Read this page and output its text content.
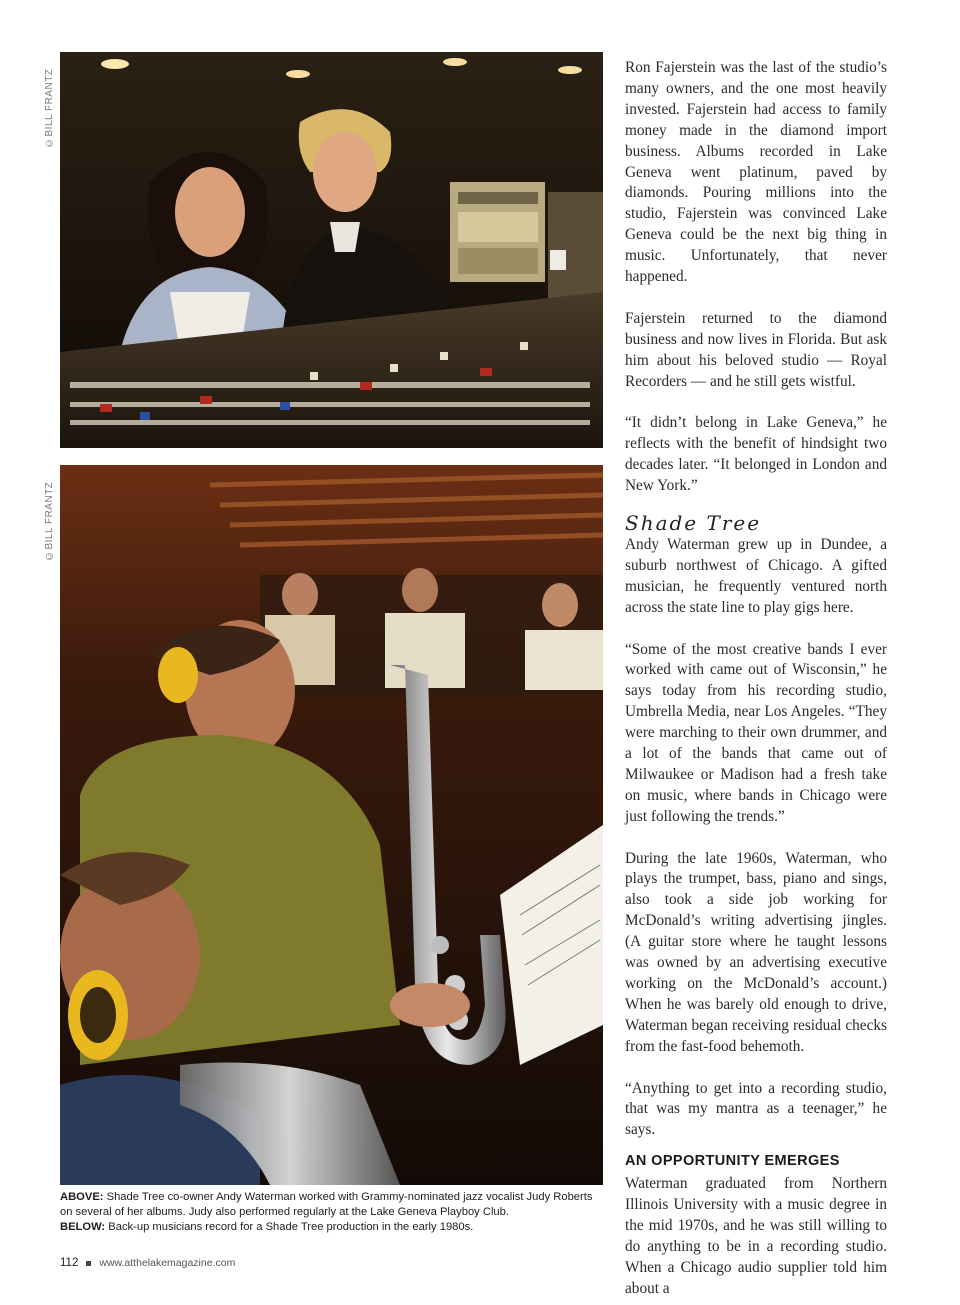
©BILL FRANTZ
©BILL FRANTZ

ABOVE: Shade Tree co-owner Andy Waterman worked with Grammy-nominated jazz vocalist Judy Roberts on several of her albums. Judy also performed regularly at the Lake Geneva Playboy Club.

BELOW: Back-up musicians record for a Shade Tree production in the early 1980s.

112 www.atthelakemagazine.com

Ron Fajerstein was the last of the studio’s many owners, and the one most heavily invested. Fajerstein had access to family money made in the diamond import business. Albums recorded in Lake Geneva went platinum, paved by diamonds. Pouring millions into the studio, Fajerstein was convinced Lake Geneva could be the next big thing in music. Unfortunately, that never happened.

Fajerstein returned to the diamond business and now lives in Florida. But ask him about his beloved studio — Royal Recorders — and he still gets wistful.

“It didn’t belong in Lake Geneva,” he reflects with the benefit of hindsight two decades later. “It belonged in London and New York.”

Shade Tree

Andy Waterman grew up in Dundee, a suburb northwest of Chicago. A gifted musician, he frequently ventured north across the state line to play gigs here.

“Some of the most creative bands I ever worked with came out of Wisconsin,” he says today from his recording studio, Umbrella Media, near Los Angeles. “They were marching to their own drummer, and a lot of the bands that came out of Milwaukee or Madison had a fresh take on music, where bands in Chicago were just following the trends.”

During the late 1960s, Waterman, who plays the trumpet, bass, piano and sings, also took a side job working for McDonald’s writing advertising jingles. (A guitar store where he taught lessons was owned by an advertising executive working on the McDonald’s account.) When he was barely old enough to drive, Waterman began receiving residual checks from the fast-food behemoth.

“Anything to get into a recording studio, that was my mantra as a teenager,” he says.

AN OPPORTUNITY EMERGES

Waterman graduated from Northern Illinois University with a music degree in the mid 1970s, and he was still willing to do anything to be in a recording studio. When a Chicago audio supplier told him about a
